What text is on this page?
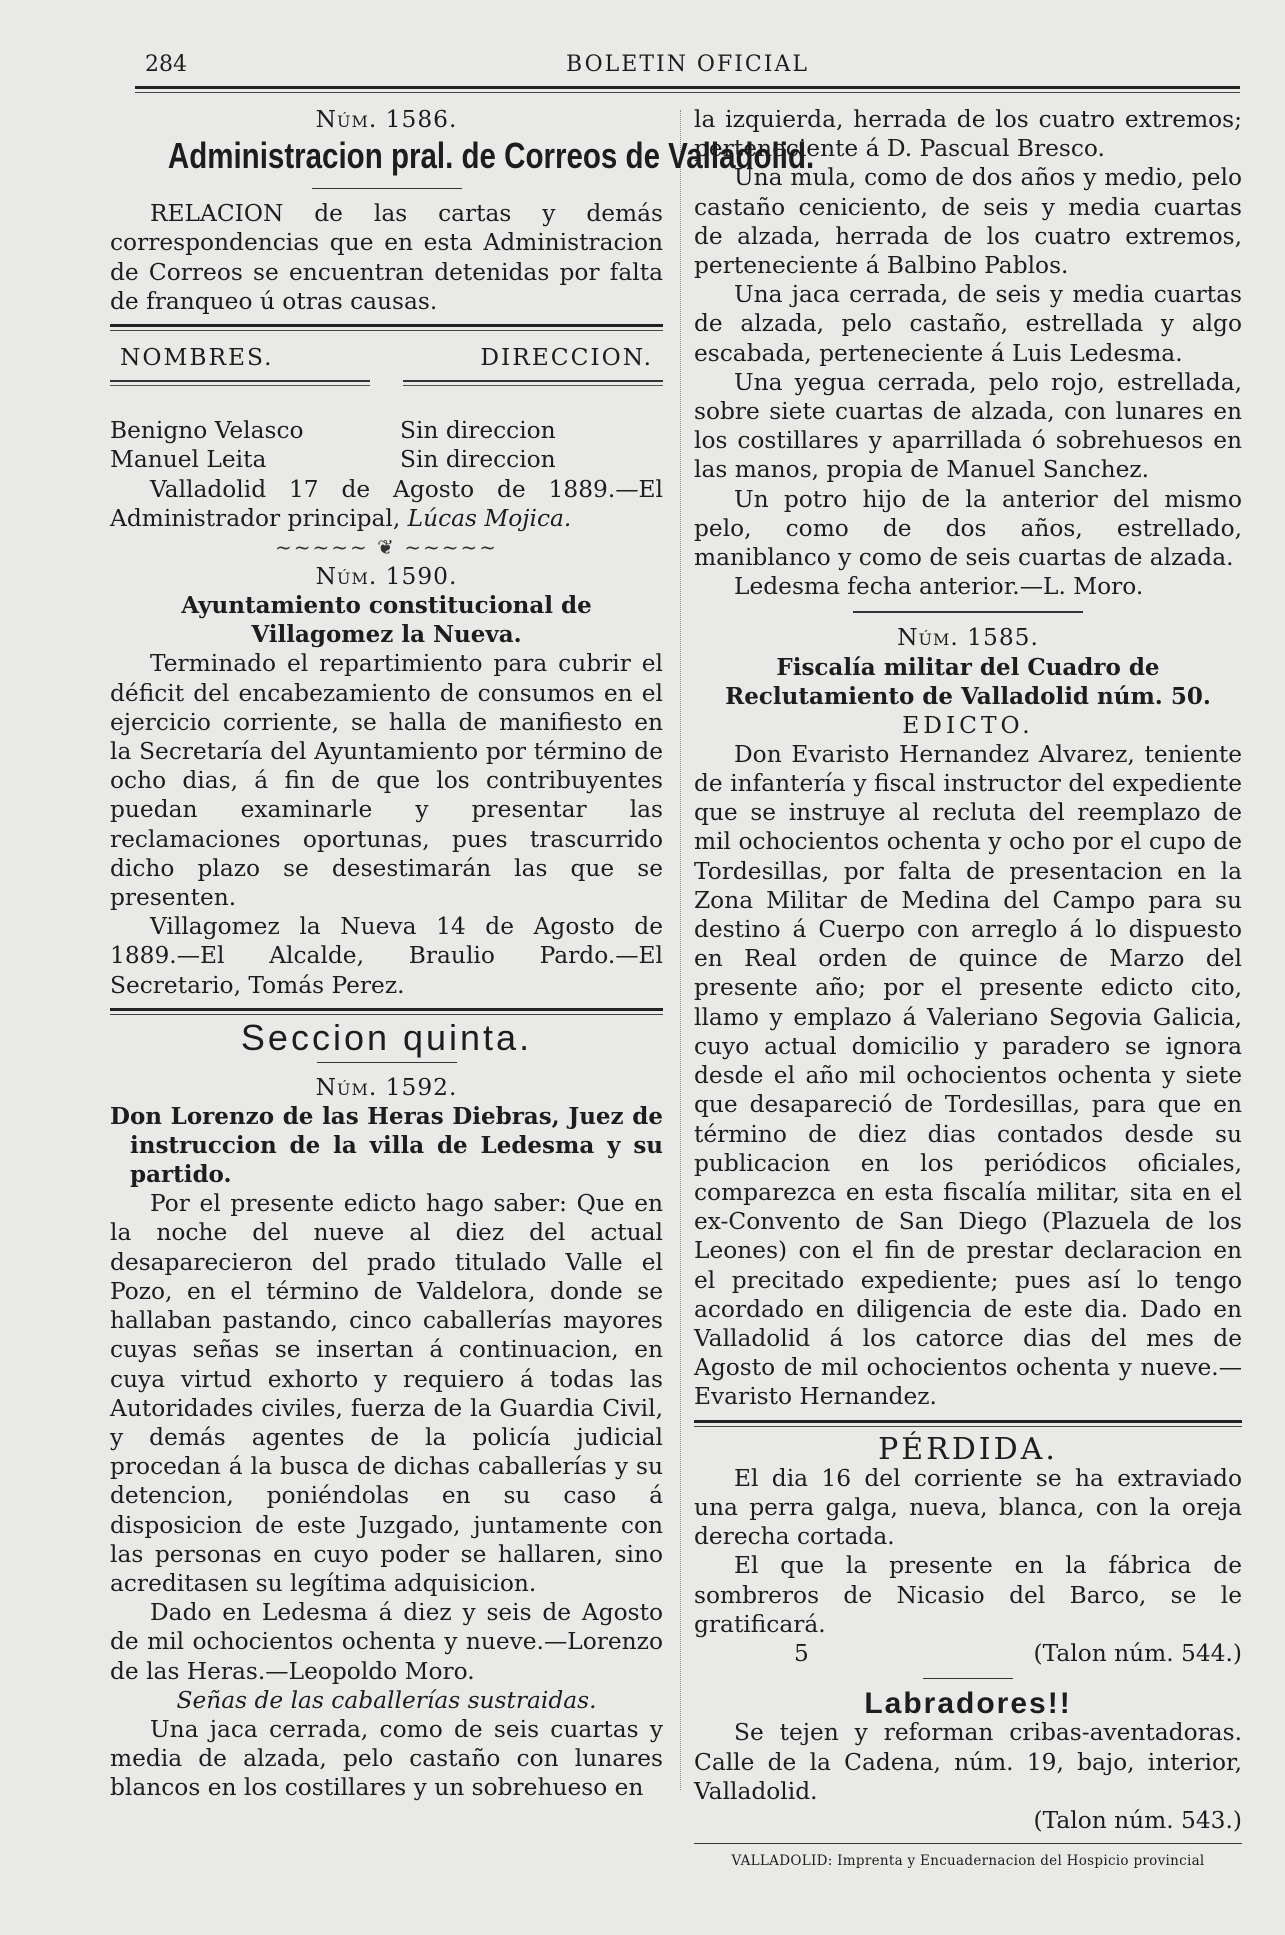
284	BOLETIN OFICIAL

Núm. 1586.

Administracion pral. de Correos de Valladolid.

RELACION de las cartas y demás correspondencias que en esta Administracion de Correos se encuentran detenidas por falta de franqueo ú otras causas.

NOMBRES.	DIRECCION.
Benigno Velasco	Sin direccion
Manuel Leita	Sin direccion

Valladolid 17 de Agosto de 1889.—El Administrador principal, Lúcas Mojica.

~~~~~ ❦ ~~~~~

Núm. 1590.

Ayuntamiento constitucional de Villagomez la Nueva.

Terminado el repartimiento para cubrir el déficit del encabezamiento de consumos en el ejercicio corriente, se halla de manifiesto en la Secretaría del Ayuntamiento por término de ocho dias, á fin de que los contribuyentes puedan examinarle y presentar las reclamaciones oportunas, pues trascurrido dicho plazo se desestimarán las que se presenten.

Villagomez la Nueva 14 de Agosto de 1889.—El Alcalde, Braulio Pardo.—El Secretario, Tomás Perez.

Seccion quinta.

Núm. 1592.

Don Lorenzo de las Heras Diebras, Juez de instruccion de la villa de Ledesma y su partido.

Por el presente edicto hago saber: Que en la noche del nueve al diez del actual desaparecieron del prado titulado Valle el Pozo, en el término de Valdelora, donde se hallaban pastando, cinco caballerías mayores cuyas señas se insertan á continuacion, en cuya virtud exhorto y requiero á todas las Autoridades civiles, fuerza de la Guardia Civil, y demás agentes de la policía judicial procedan á la busca de dichas caballerías y su detencion, poniéndolas en su caso á disposicion de este Juzgado, juntamente con las personas en cuyo poder se hallaren, sino acreditasen su legítima adquisicion.

Dado en Ledesma á diez y seis de Agosto de mil ochocientos ochenta y nueve.—Lorenzo de las Heras.—Leopoldo Moro.

Señas de las caballerías sustraidas.

Una jaca cerrada, como de seis cuartas y media de alzada, pelo castaño con lunares blancos en los costillares y un sobrehueso en

la izquierda, herrada de los cuatro extremos; perteneciente á D. Pascual Bresco.

Una mula, como de dos años y medio, pelo castaño ceniciento, de seis y media cuartas de alzada, herrada de los cuatro extremos, perteneciente á Balbino Pablos.

Una jaca cerrada, de seis y media cuartas de alzada, pelo castaño, estrellada y algo escabada, perteneciente á Luis Ledesma.

Una yegua cerrada, pelo rojo, estrellada, sobre siete cuartas de alzada, con lunares en los costillares y aparrillada ó sobrehuesos en las manos, propia de Manuel Sanchez.

Un potro hijo de la anterior del mismo pelo, como de dos años, estrellado, maniblanco y como de seis cuartas de alzada.

Ledesma fecha anterior.—L. Moro.

Núm. 1585.

Fiscalía militar del Cuadro de Reclutamiento de Valladolid núm. 50.

EDICTO.

Don Evaristo Hernandez Alvarez, teniente de infantería y fiscal instructor del expediente que se instruye al recluta del reemplazo de mil ochocientos ochenta y ocho por el cupo de Tordesillas, por falta de presentacion en la Zona Militar de Medina del Campo para su destino á Cuerpo con arreglo á lo dispuesto en Real orden de quince de Marzo del presente año; por el presente edicto cito, llamo y emplazo á Valeriano Segovia Galicia, cuyo actual domicilio y paradero se ignora desde el año mil ochocientos ochenta y siete que desapareció de Tordesillas, para que en término de diez dias contados desde su publicacion en los periódicos oficiales, comparezca en esta fiscalía militar, sita en el ex-Convento de San Diego (Plazuela de los Leones) con el fin de prestar declaracion en el precitado expediente; pues así lo tengo acordado en diligencia de este dia. Dado en Valladolid á los catorce dias del mes de Agosto de mil ochocientos ochenta y nueve.—Evaristo Hernandez.

PÉRDIDA.

El dia 16 del corriente se ha extraviado una perra galga, nueva, blanca, con la oreja derecha cortada.

El que la presente en la fábrica de sombreros de Nicasio del Barco, se le gratificará.

5	(Talon núm. 544.)

Labradores!!

Se tejen y reforman cribas-aventadoras. Calle de la Cadena, núm. 19, bajo, interior, Valladolid.

(Talon núm. 543.)

VALLADOLID: Imprenta y Encuadernacion del Hospicio provincial
